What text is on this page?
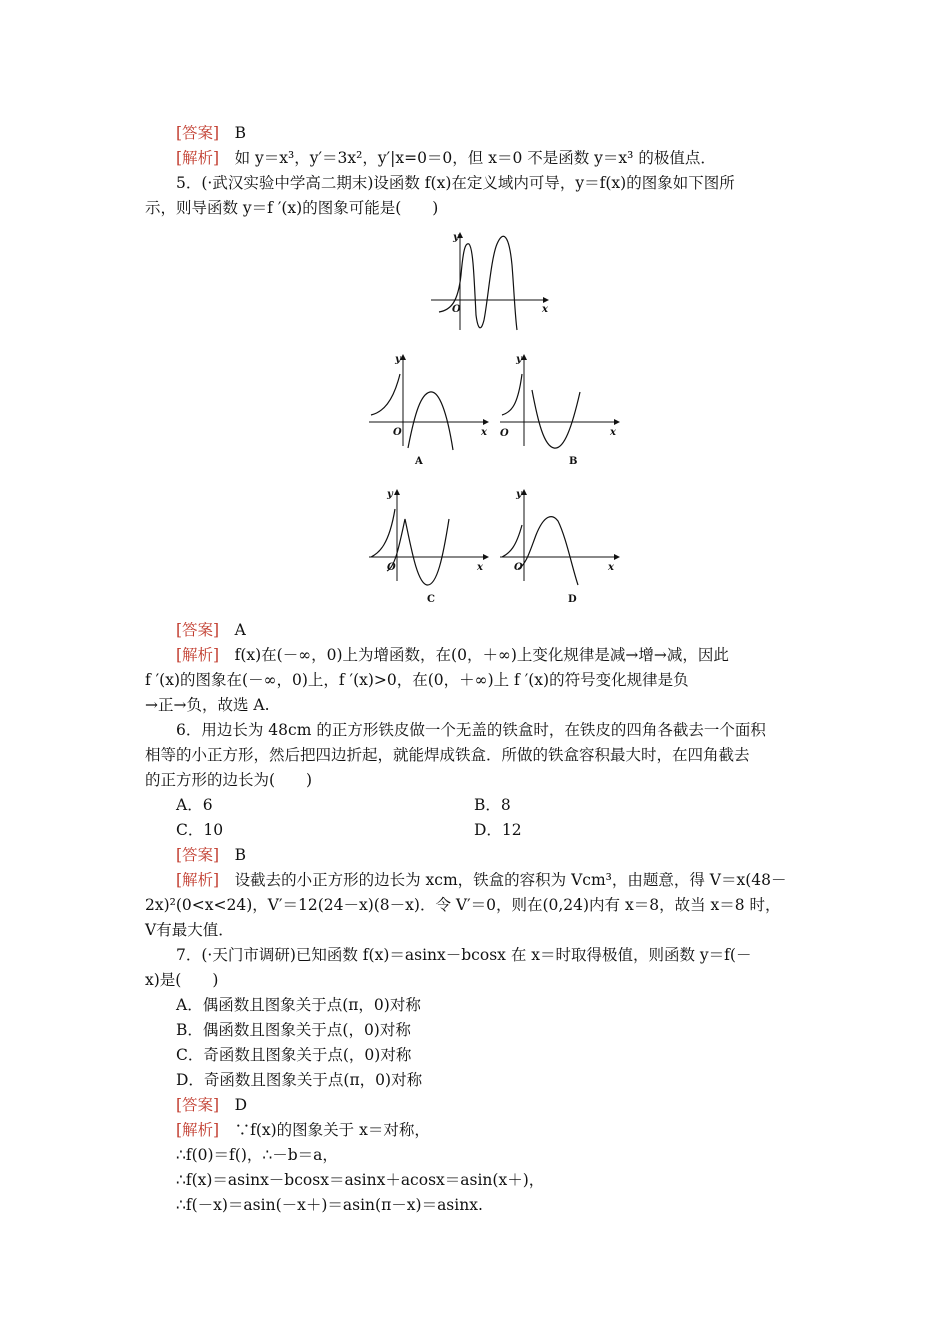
[答案]　B
[解析]　如 y＝x³，y′＝3x²，y′|x=0＝0，但 x＝0 不是函数 y＝x³ 的极值点．
5．(·武汉实验中学高二期末)设函数 f(x)在定义域内可导，y＝f(x)的图象如下图所
示，则导函数 y＝f ′(x)的图象可能是(　　)
y
x
O
y
x
O
A
y
x
O
B
y
x
O
C
y
x
O
D
[答案]　A
[解析]　f(x)在(－∞，0)上为增函数，在(0，＋∞)上变化规律是减→增→减，因此
f ′(x)的图象在(－∞，0)上，f ′(x)>0，在(0，＋∞)上 f ′(x)的符号变化规律是负
→正→负，故选 A.
6．用边长为 48cm 的正方形铁皮做一个无盖的铁盒时，在铁皮的四角各截去一个面积
相等的小正方形，然后把四边折起，就能焊成铁盒．所做的铁盒容积最大时，在四角截去
的正方形的边长为(　　)
A．6	B．8
C．10	D．12
[答案]　B
[解析]　设截去的小正方形的边长为 xcm，铁盒的容积为 Vcm³，由题意，得 V＝x(48－
2x)²(0<x<24)，V′＝12(24－x)(8－x)．令 V′＝0，则在(0,24)内有 x＝8，故当 x＝8 时，
V有最大值．
7．(·天门市调研)已知函数 f(x)＝asinx－bcosx 在 x＝时取得极值，则函数 y＝f(－
x)是(　　)
A．偶函数且图象关于点(π，0)对称
B．偶函数且图象关于点(，0)对称
C．奇函数且图象关于点(，0)对称
D．奇函数且图象关于点(π，0)对称
[答案]　D
[解析]　∵f(x)的图象关于 x＝对称，
∴f(0)＝f()，∴－b＝a，
∴f(x)＝asinx－bcosx＝asinx＋acosx＝asin(x＋)，
∴f(－x)＝asin(－x＋)＝asin(π－x)＝asinx.
